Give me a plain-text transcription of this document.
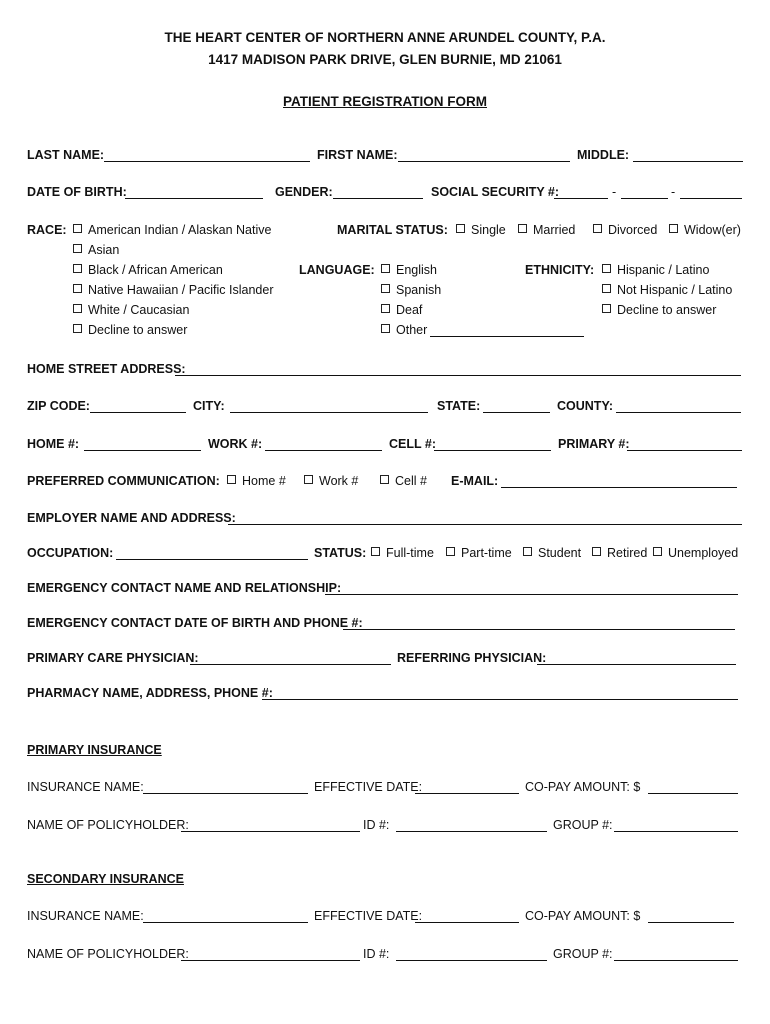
THE HEART CENTER OF NORTHERN ANNE ARUNDEL COUNTY, P.A.
1417 MADISON PARK DRIVE, GLEN BURNIE, MD 21061
PATIENT REGISTRATION FORM
LAST NAME:	FIRST NAME:	MIDDLE:
DATE OF BIRTH:	GENDER:	SOCIAL SECURITY #:	-	-
RACE:	American Indian / Alaskan Native
Asian
Black / African American
Native Hawaiian / Pacific Islander
White / Caucasian
Decline to answer
MARITAL STATUS:	Single	Married	Divorced	Widow(er)
LANGUAGE:	English
Spanish
Deaf
Other
ETHNICITY:	Hispanic / Latino
Not Hispanic / Latino
Decline to answer
HOME STREET ADDRESS:
ZIP CODE:	CITY:	STATE:	COUNTY:
HOME #:	WORK #:	CELL #:	PRIMARY #:
PREFERRED COMMUNICATION:	Home #	Work #	Cell # E-MAIL:
EMPLOYER NAME AND ADDRESS:
OCCUPATION:	STATUS:	Full-time	Part-time	Student	Retired	Unemployed
EMERGENCY CONTACT NAME AND RELATIONSHIP:
EMERGENCY CONTACT DATE OF BIRTH AND PHONE #:
PRIMARY CARE PHYSICIAN:	REFERRING PHYSICIAN:
PHARMACY NAME, ADDRESS, PHONE #:
PRIMARY INSURANCE
INSURANCE NAME:	EFFECTIVE DATE:	CO-PAY AMOUNT: $
NAME OF POLICYHOLDER:	ID #:	GROUP #:
SECONDARY INSURANCE
INSURANCE NAME:	EFFECTIVE DATE:	CO-PAY AMOUNT: $
NAME OF POLICYHOLDER:	ID #:	GROUP #:
